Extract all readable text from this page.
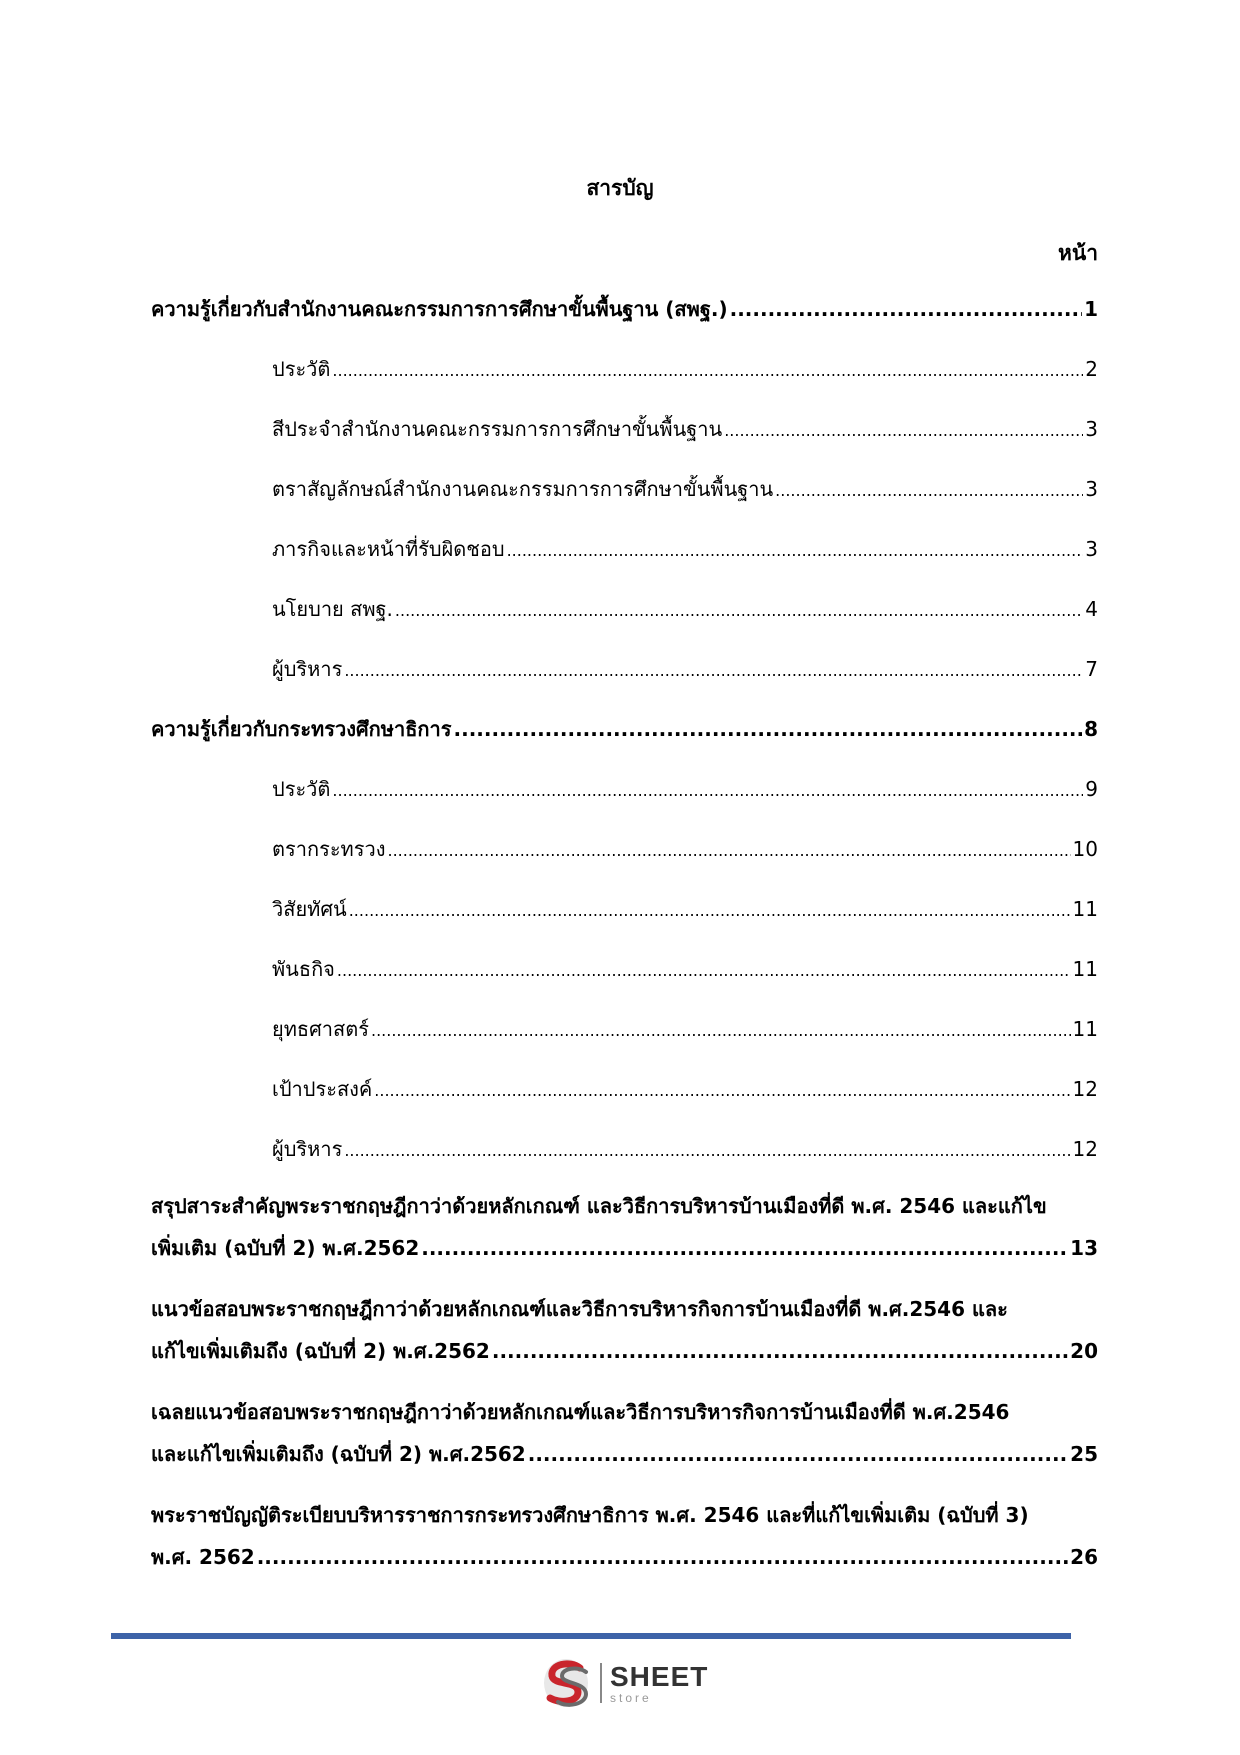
สารบัญ
หน้า
ความรู้เกี่ยวกับสำนักงานคณะกรรมการการศึกษาขั้นพื้นฐาน (สพฐ.) .....	1
ประวัติ .....	2
สีประจำสำนักงานคณะกรรมการการศึกษาขั้นพื้นฐาน .....	3
ตราสัญลักษณ์สำนักงานคณะกรรมการการศึกษาขั้นพื้นฐาน .....	3
ภารกิจและหน้าที่รับผิดชอบ .....	3
นโยบาย สพฐ. .....	4
ผู้บริหาร .....	7
ความรู้เกี่ยวกับกระทรวงศึกษาธิการ .....	8
ประวัติ .....	9
ตรากระทรวง .....	10
วิสัยทัศน์ .....	11
พันธกิจ .....	11
ยุทธศาสตร์ .....	11
เป้าประสงค์ .....	12
ผู้บริหาร .....	12
สรุปสาระสำคัญพระราชกฤษฎีกาว่าด้วยหลักเกณฑ์ และวิธีการบริหารบ้านเมืองที่ดี พ.ศ. 2546 และแก้ไข
เพิ่มเติม (ฉบับที่ 2) พ.ศ.2562 .....	13
แนวข้อสอบพระราชกฤษฎีกาว่าด้วยหลักเกณฑ์และวิธีการบริหารกิจการบ้านเมืองที่ดี พ.ศ.2546 และ
แก้ไขเพิ่มเติมถึง (ฉบับที่ 2) พ.ศ.2562 .....	20
เฉลยแนวข้อสอบพระราชกฤษฎีกาว่าด้วยหลักเกณฑ์และวิธีการบริหารกิจการบ้านเมืองที่ดี พ.ศ.2546
และแก้ไขเพิ่มเติมถึง (ฉบับที่ 2) พ.ศ.2562 .....	25
พระราชบัญญัติระเบียบบริหารราชการกระทรวงศึกษาธิการ พ.ศ. 2546 และที่แก้ไขเพิ่มเติม (ฉบับที่ 3)
พ.ศ. 2562 .....	26
SHEET
store
